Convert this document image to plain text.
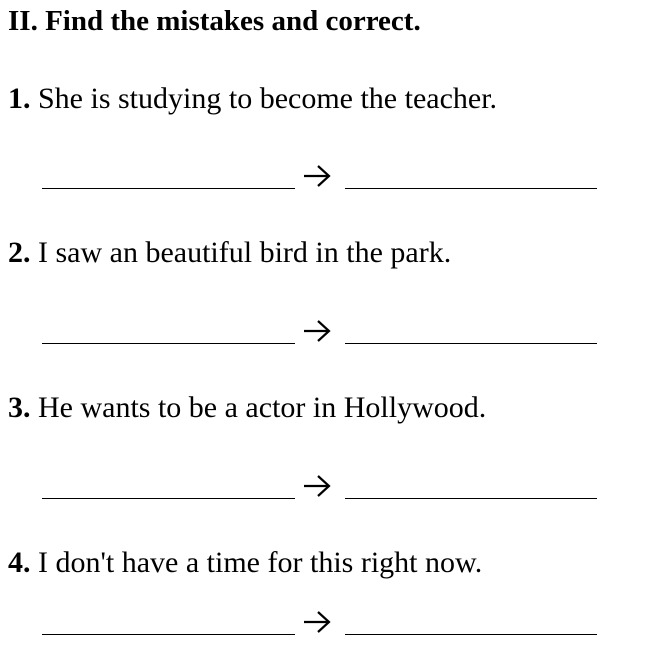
II. Find the mistakes and correct.
1. She is studying to become the teacher.
2. I saw an beautiful bird in the park.
3. He wants to be a actor in Hollywood.
4. I don't have a time for this right now.
